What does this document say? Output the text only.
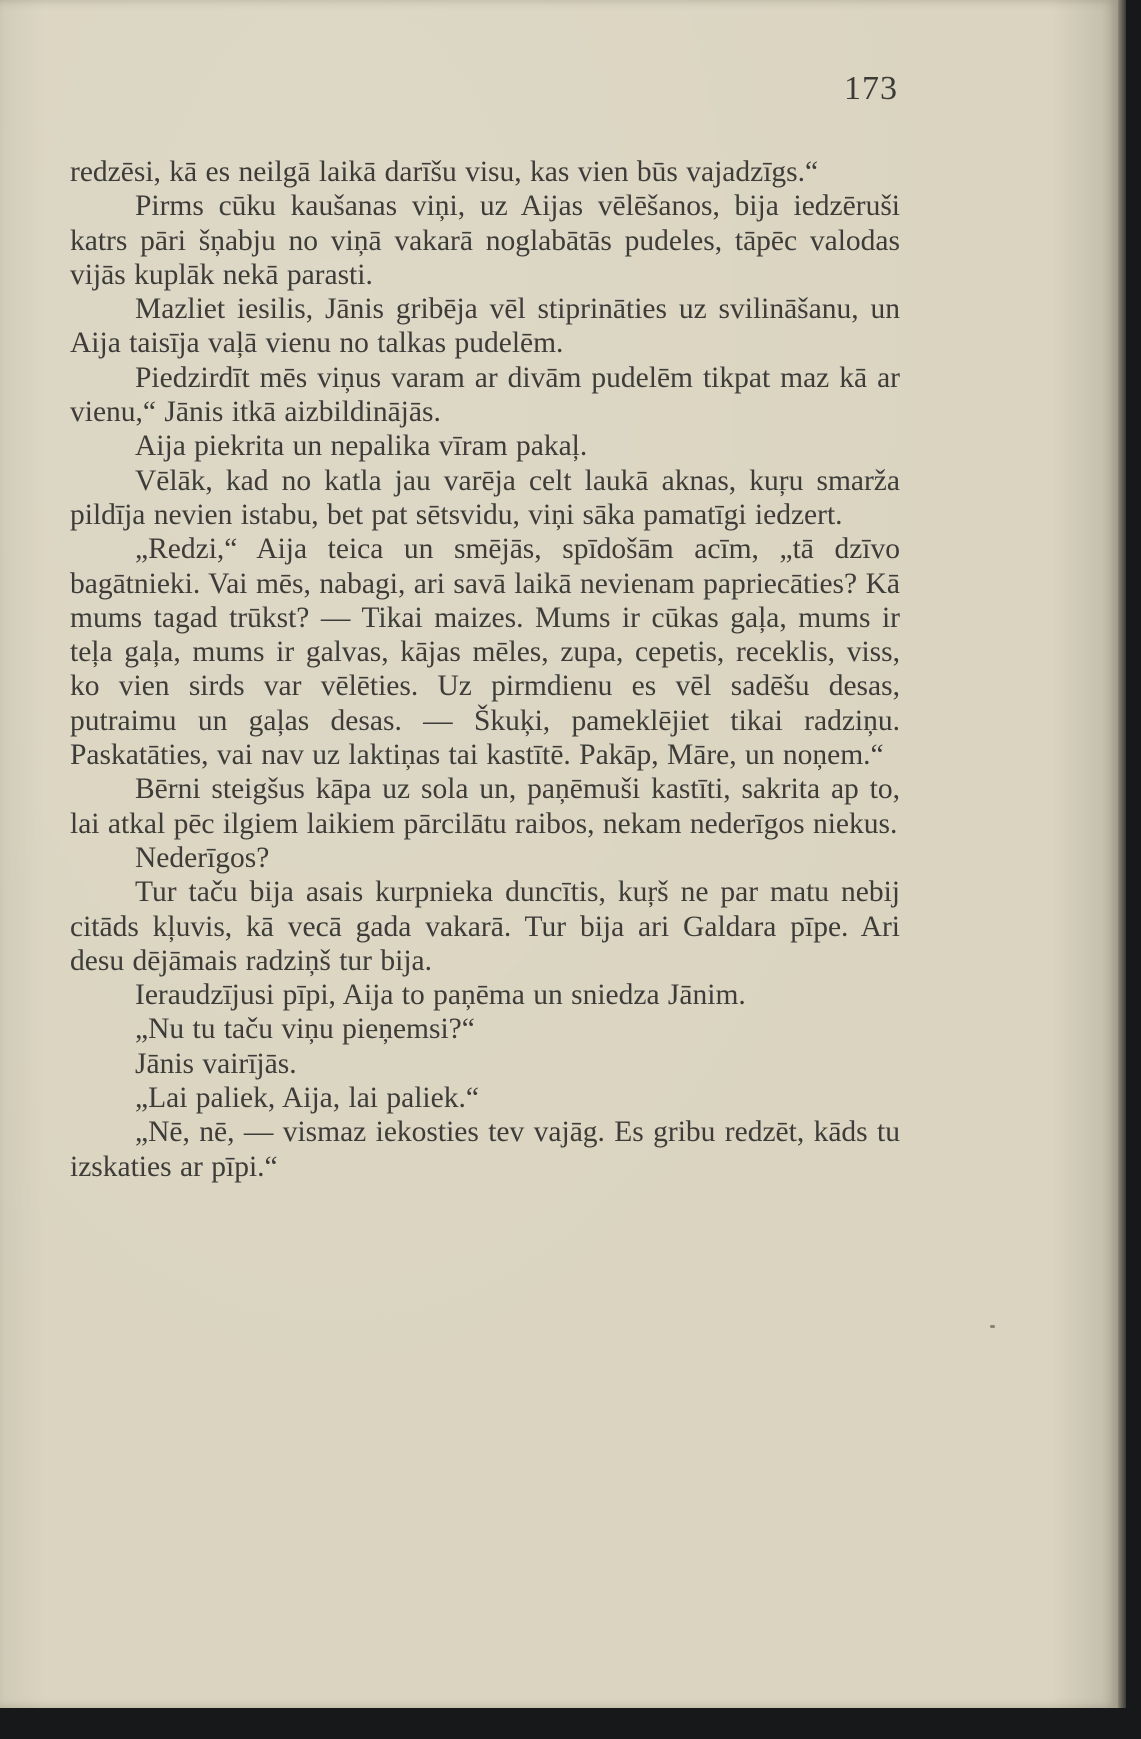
173

redzēsi, kā es neilgā laikā darīšu visu, kas vien būs vajadzīgs.“

Pirms cūku kaušanas viņi, uz Aijas vēlēšanos, bija iedzēruši katrs pāri šņabju no viņā vakarā noglabātās pudeles, tāpēc valodas vijās kuplāk nekā parasti.

Mazliet iesilis, Jānis gribēja vēl stiprināties uz svilināšanu, un Aija taisīja vaļā vienu no talkas pudelēm.

Piedzirdīt mēs viņus varam ar divām pudelēm tikpat maz kā ar vienu,“ Jānis itkā aizbildinājās.

Aija piekrita un nepalika vīram pakaļ.

Vēlāk, kad no katla jau varēja celt laukā aknas, kuŗu smarža pildīja nevien istabu, bet pat sētsvidu, viņi sāka pamatīgi iedzert.

„Redzi,“ Aija teica un smējās, spīdošām acīm, „tā dzīvo bagātnieki. Vai mēs, nabagi, ari savā laikā nevienam papriecāties? Kā mums tagad trūkst? — Tikai maizes. Mums ir cūkas gaļa, mums ir teļa gaļa, mums ir galvas, kājas mēles, zupa, cepetis, receklis, viss, ko vien sirds var vēlēties. Uz pirmdienu es vēl sadēšu desas, putraimu un gaļas desas. — Škuķi, pameklējiet tikai radziņu. Paskatāties, vai nav uz laktiņas tai kastītē. Pakāp, Māre, un noņem.“

Bērni steigšus kāpa uz sola un, paņēmuši kastīti, sakrita ap to, lai atkal pēc ilgiem laikiem pārcilātu raibos, nekam nederīgos niekus.

Nederīgos?

Tur taču bija asais kurpnieka duncītis, kuŗš ne par matu nebij citāds kļuvis, kā vecā gada vakarā. Tur bija ari Galdara pīpe. Ari desu dējāmais radziņš tur bija.

Ieraudzījusi pīpi, Aija to paņēma un sniedza Jānim.

„Nu tu taču viņu pieņemsi?“

Jānis vairījās.

„Lai paliek, Aija, lai paliek.“

„Nē, nē, — vismaz iekosties tev vajāg. Es gribu redzēt, kāds tu izskaties ar pīpi.“
